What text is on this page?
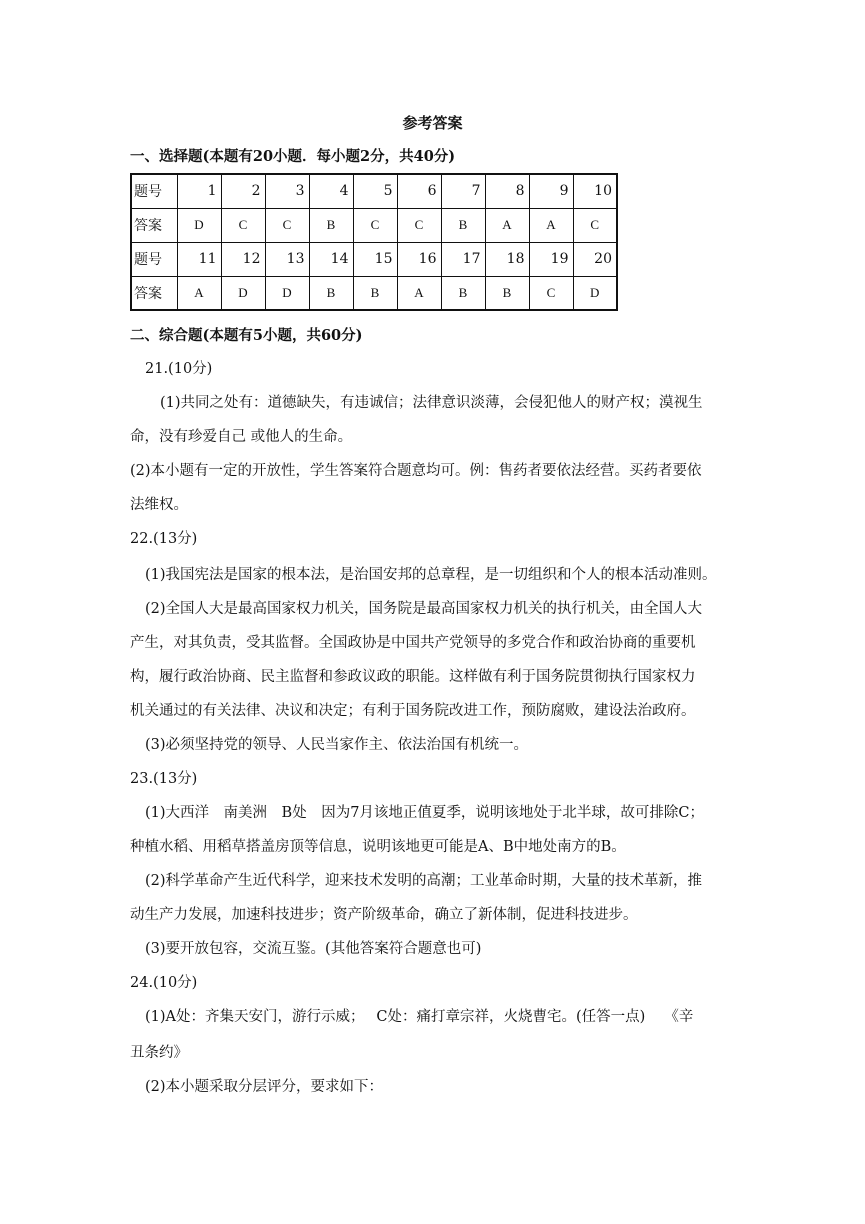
参考答案
一、选择题(本题有20小题．每小题2分，共40分)
题号	1	2	3	4	5	6	7	8	9	10
答案	D	C	C	B	C	C	B	A	A	C
题号	11	12	13	14	15	16	17	18	19	20
答案	A	D	D	B	B	A	B	B	C	D
二、综合题(本题有5小题，共60分)
21.(10分)
(1)共同之处有：道德缺失，有违诚信；法律意识淡薄，会侵犯他人的财产权；漠视生
命，没有珍爱自己 或他人的生命。
(2)本小题有一定的开放性，学生答案符合题意均可。例：售药者要依法经营。买药者要依
法维权。
22.(13分)
(1)我国宪法是国家的根本法，是治国安邦的总章程，是一切组织和个人的根本活动准则。
(2)全国人大是最高国家权力机关，国务院是最高国家权力机关的执行机关，由全国人大
产生，对其负责，受其监督。全国政协是中国共产党领导的多党合作和政治协商的重要机
构，履行政治协商、民主监督和参政议政的职能。这样做有利于国务院贯彻执行国家权力
机关通过的有关法律、决议和决定；有利于国务院改进工作，预防腐败，建设法治政府。
(3)必须坚持党的领导、人民当家作主、依法治国有机统一。
23.(13分)
(1)大西洋　南美洲　B处　因为7月该地正值夏季，说明该地处于北半球，故可排除C；
种植水稻、用稻草搭盖房顶等信息，说明该地更可能是A、B中地处南方的B。
(2)科学革命产生近代科学，迎来技术发明的高潮；工业革命时期，大量的技术革新，推
动生产力发展，加速科技进步；资产阶级革命，确立了新体制，促进科技进步。
(3)要开放包容，交流互鉴。(其他答案符合题意也可)
24.(10分)
(1)A处：齐集天安门，游行示威；　 C处：痛打章宗祥，火烧曹宅。(任答一点)　 《辛
丑条约》
(2)本小题采取分层评分，要求如下：
